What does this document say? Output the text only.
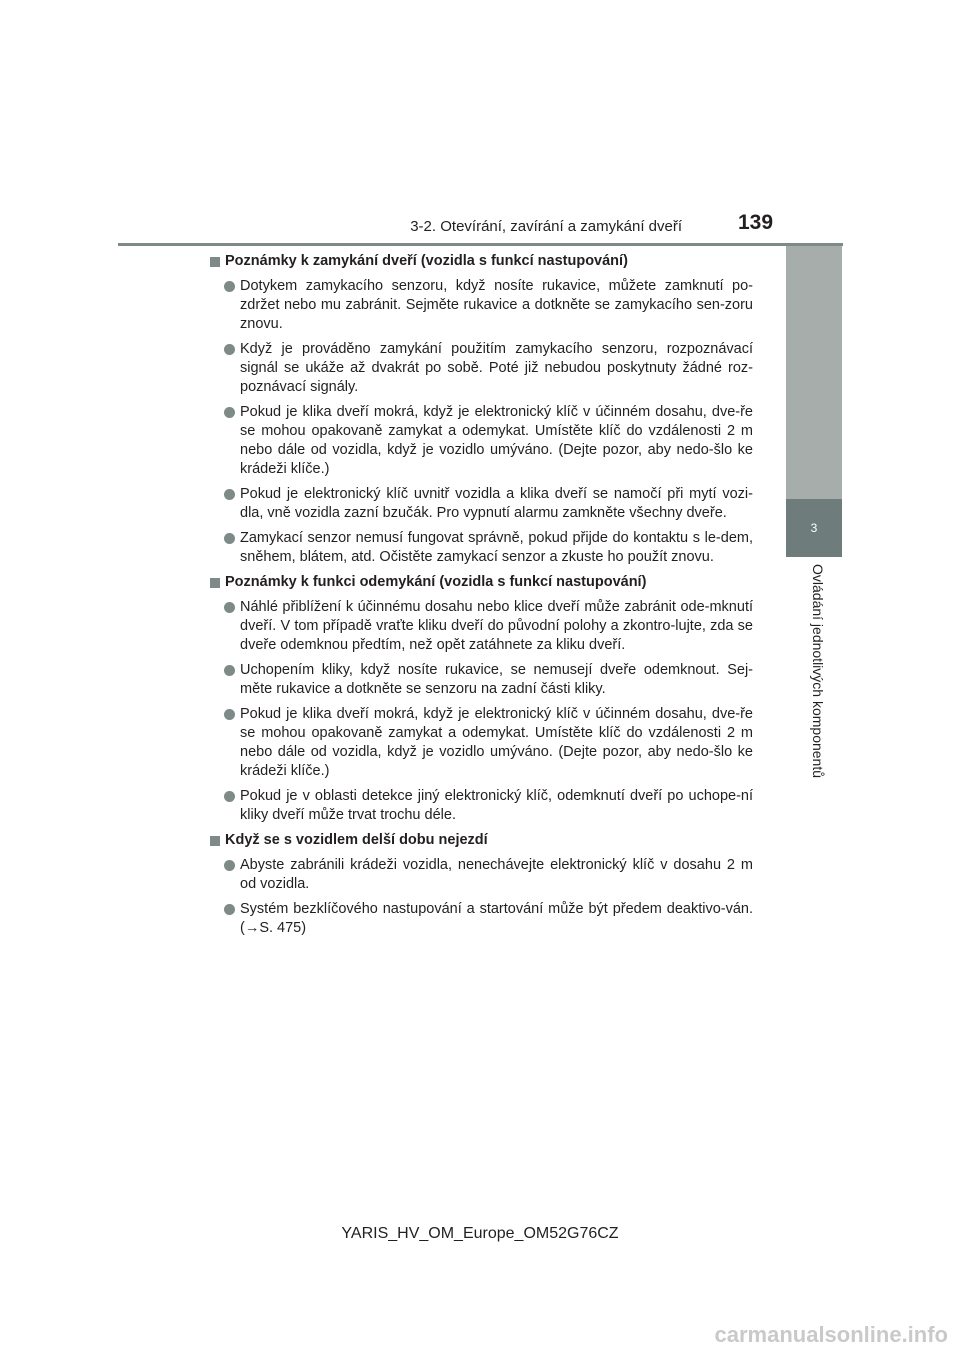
3-2. Otevírání, zavírání a zamykání dveří	139
3
Ovládání jednotlivých komponentů
Poznámky k zamykání dveří (vozidla s funkcí nastupování)
Dotykem zamykacího senzoru, když nosíte rukavice, můžete zamknutí po-zdržet nebo mu zabránit. Sejměte rukavice a dotkněte se zamykacího sen-zoru znovu.
Když je prováděno zamykání použitím zamykacího senzoru, rozpoznávací signál se ukáže až dvakrát po sobě. Poté již nebudou poskytnuty žádné roz-poznávací signály.
Pokud je klika dveří mokrá, když je elektronický klíč v účinném dosahu, dve-ře se mohou opakovaně zamykat a odemykat. Umístěte klíč do vzdálenosti 2 m nebo dále od vozidla, když je vozidlo umýváno. (Dejte pozor, aby nedo-šlo ke krádeži klíče.)
Pokud je elektronický klíč uvnitř vozidla a klika dveří se namočí při mytí vozi-dla, vně vozidla zazní bzučák. Pro vypnutí alarmu zamkněte všechny dveře.
Zamykací senzor nemusí fungovat správně, pokud přijde do kontaktu s le-dem, sněhem, blátem, atd. Očistěte zamykací senzor a zkuste ho použít znovu.
Poznámky k funkci odemykání (vozidla s funkcí nastupování)
Náhlé přiblížení k účinnému dosahu nebo klice dveří může zabránit ode-mknutí dveří. V tom případě vraťte kliku dveří do původní polohy a zkontro-lujte, zda se dveře odemknou předtím, než opět zatáhnete za kliku dveří.
Uchopením kliky, když nosíte rukavice, se nemusejí dveře odemknout. Sej-měte rukavice a dotkněte se senzoru na zadní části kliky.
Pokud je klika dveří mokrá, když je elektronický klíč v účinném dosahu, dve-ře se mohou opakovaně zamykat a odemykat. Umístěte klíč do vzdálenosti 2 m nebo dále od vozidla, když je vozidlo umýváno. (Dejte pozor, aby nedo-šlo ke krádeži klíče.)
Pokud je v oblasti detekce jiný elektronický klíč, odemknutí dveří po uchope-ní kliky dveří může trvat trochu déle.
Když se s vozidlem delší dobu nejezdí
Abyste zabránili krádeži vozidla, nenechávejte elektronický klíč v dosahu 2 m od vozidla.
Systém bezklíčového nastupování a startování může být předem deaktivo-ván. (→S. 475)
YARIS_HV_OM_Europe_OM52G76CZ
carmanualsonline.info
